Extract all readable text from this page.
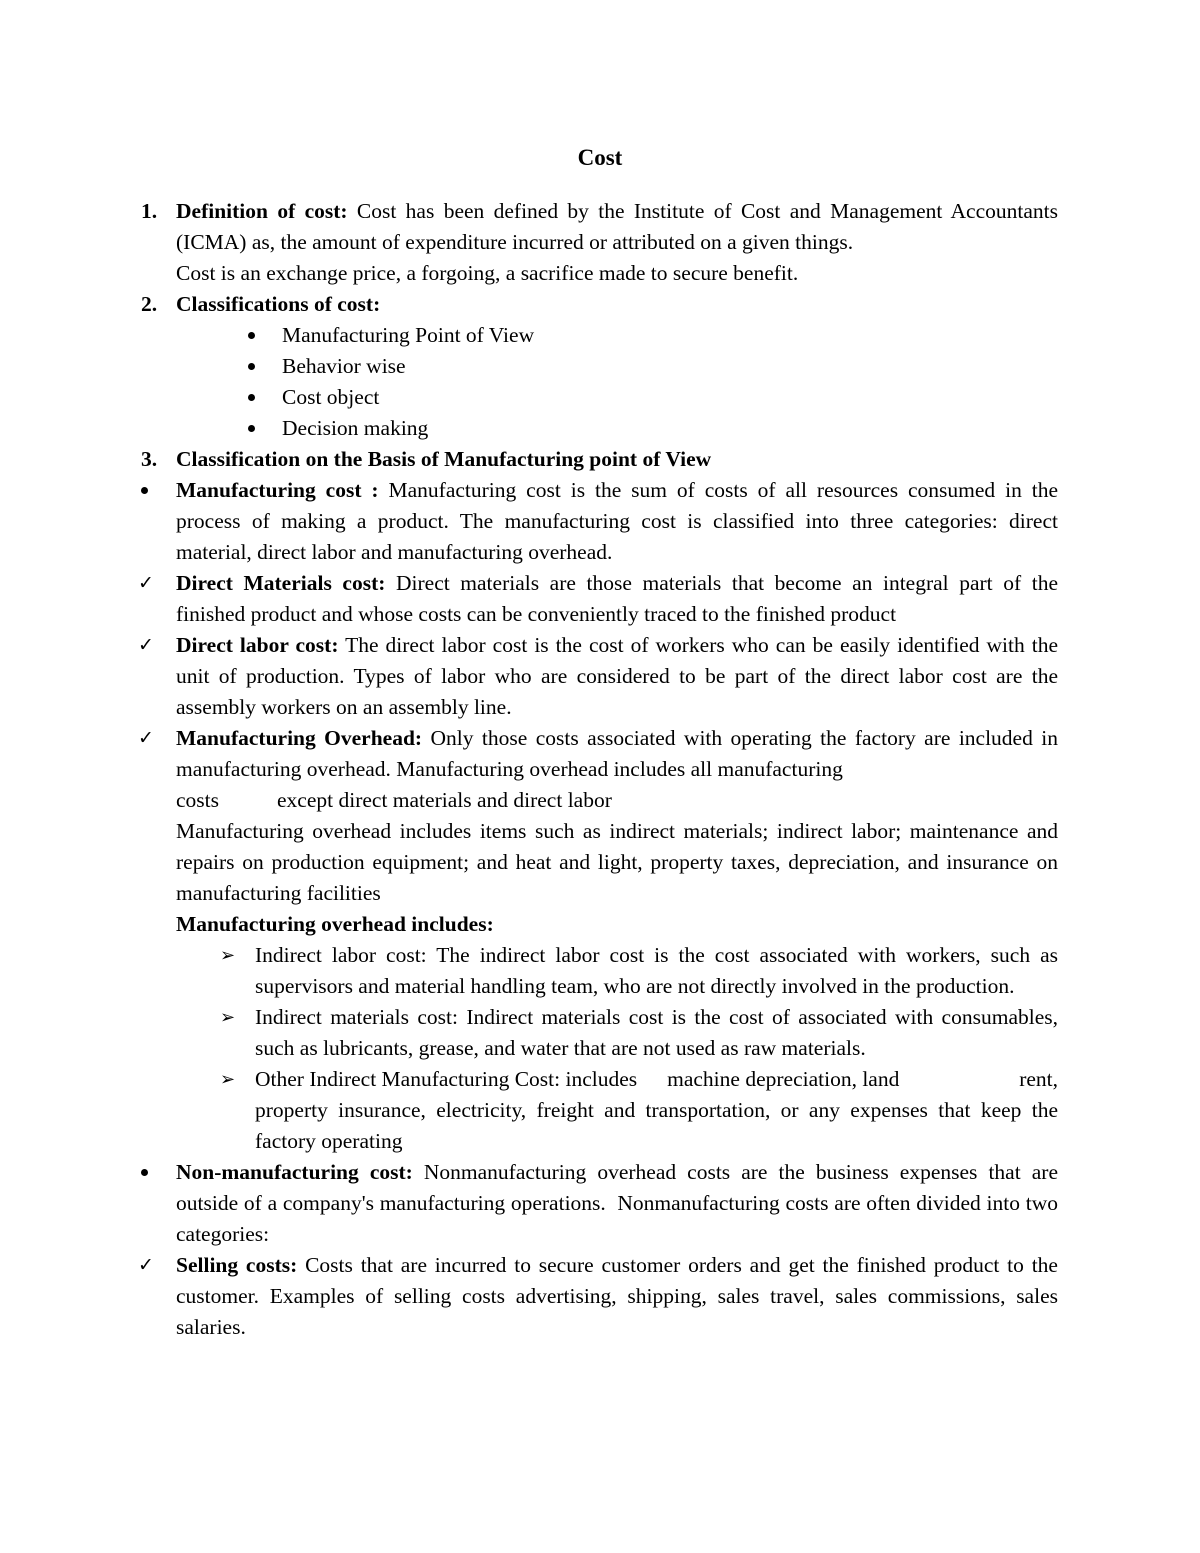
Cost
1. Definition of cost: Cost has been defined by the Institute of Cost and Management Accountants (ICMA) as, the amount of expenditure incurred or attributed on a given things.
Cost is an exchange price, a forgoing, a sacrifice made to secure benefit.
2. Classifications of cost:
Manufacturing Point of View
Behavior wise
Cost object
Decision making
3. Classification on the Basis of Manufacturing point of View
Manufacturing cost : Manufacturing cost is the sum of costs of all resources consumed in the process of making a product. The manufacturing cost is classified into three categories: direct material, direct labor and manufacturing overhead.
✓ Direct Materials cost: Direct materials are those materials that become an integral part of the finished product and whose costs can be conveniently traced to the finished product
✓ Direct labor cost: The direct labor cost is the cost of workers who can be easily identified with the unit of production. Types of labor who are considered to be part of the direct labor cost are the assembly workers on an assembly line.
✓ Manufacturing Overhead: Only those costs associated with operating the factory are included in manufacturing overhead. Manufacturing overhead includes all manufacturing
costs	except direct materials and direct labor
Manufacturing overhead includes items such as indirect materials; indirect labor; maintenance and repairs on production equipment; and heat and light, property taxes, depreciation, and insurance on manufacturing facilities
Manufacturing overhead includes:
➢ Indirect labor cost: The indirect labor cost is the cost associated with workers, such as supervisors and material handling team, who are not directly involved in the production.
➢ Indirect materials cost: Indirect materials cost is the cost of associated with consumables, such as lubricants, grease, and water that are not used as raw materials.
➢ Other Indirect Manufacturing Cost: includes machine depreciation, land	rent,
property insurance, electricity, freight and transportation, or any expenses that keep the factory operating
Non-manufacturing cost: Nonmanufacturing overhead costs are the business expenses that are outside of a company's manufacturing operations.  Nonmanufacturing costs are often divided into two categories:
✓ Selling costs: Costs that are incurred to secure customer orders and get the finished product to the customer. Examples of selling costs advertising, shipping, sales travel, sales commissions, sales salaries.
